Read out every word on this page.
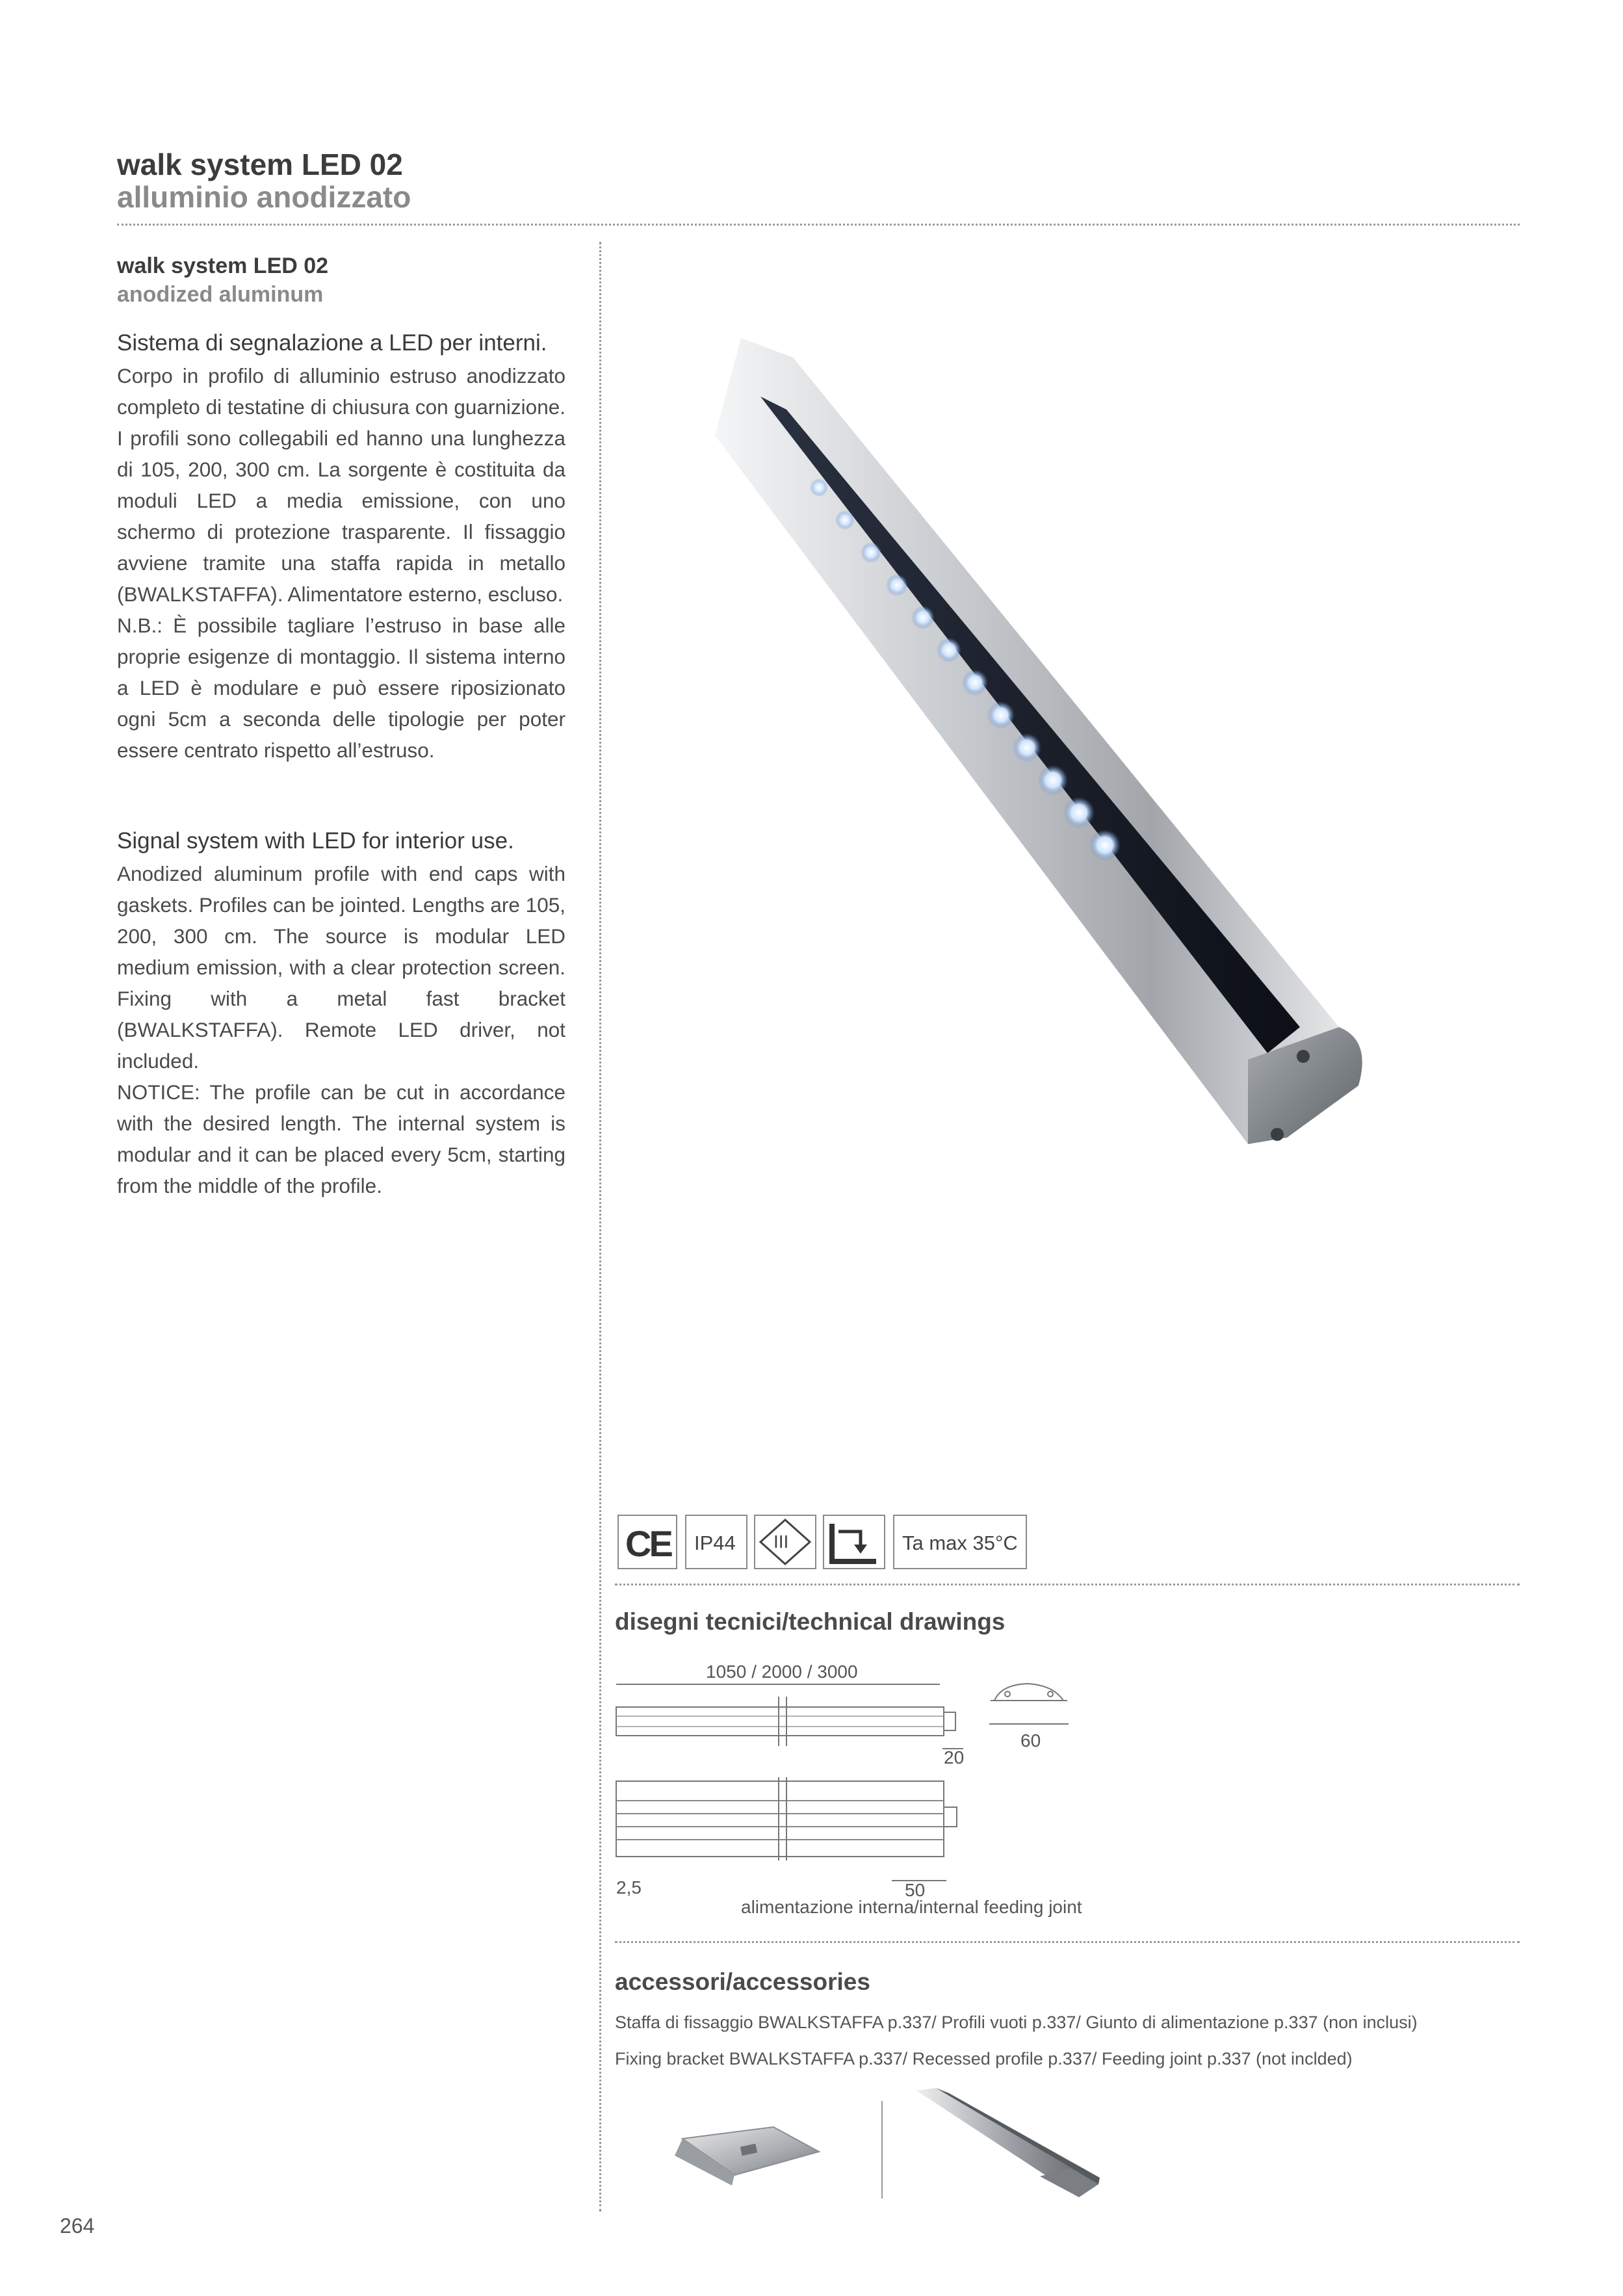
walk system LED 02
alluminio anodizzato
walk system LED 02
anodized aluminum
Sistema di segnalazione a LED per interni.

Corpo in profilo di alluminio estruso anodizzato completo di testatine di chiusura con guarnizione. I profili sono collegabili ed hanno una lunghezza di 105, 200, 300 cm. La sorgente è costituita da moduli LED a media emissione, con uno schermo di protezione trasparente. Il fissaggio avviene tramite una staffa rapida in metallo (BWALKSTAFFA). Alimentatore esterno, escluso.

N.B.: È possibile tagliare l’estruso in base alle proprie esigenze di montaggio. Il sistema interno a LED è modulare e può essere riposizionato ogni 5cm a seconda delle tipologie per poter essere centrato rispetto all’estruso.

Signal system with LED for interior use.

Anodized aluminum profile with end caps with gaskets. Profiles can be jointed. Lengths are 105, 200, 300 cm. The source is modular LED medium emission, with a clear protection screen. Fixing with a metal fast bracket (BWALKSTAFFA). Remote LED driver, not included.

NOTICE: The profile can be cut in accordance with the desired length. The internal system is modular and it can be placed every 5cm, starting from the middle of the profile.

CE IP44 III	Ta max 35°C
disegni tecnici/technical drawings
1050 / 2000 / 3000
20
60
2,5	50
alimentazione interna/internal feeding joint
accessori/accessories
Staffa di fissaggio BWALKSTAFFA p.337/ Profili vuoti p.337/ Giunto di alimentazione p.337 (non inclusi)
Fixing bracket BWALKSTAFFA p.337/ Recessed profile p.337/ Feeding joint p.337 (not inclded)
264
